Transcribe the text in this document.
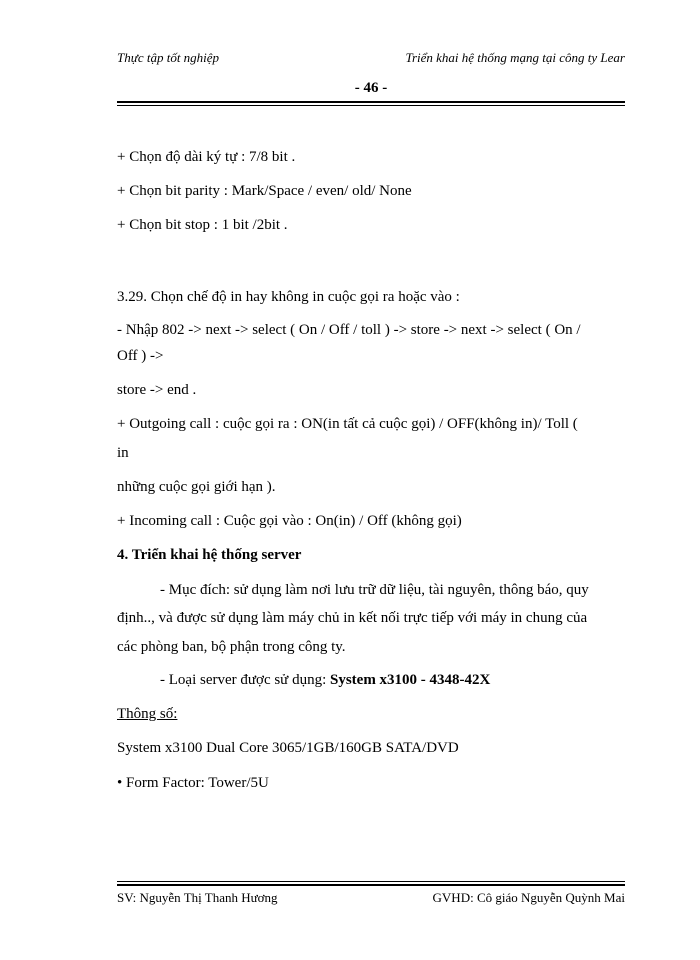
Thực tập tốt nghiệp	Triển khai hệ thống mạng tại công ty Lear
- 46 -
+ Chọn độ dài ký tự : 7/8 bit .
+ Chọn bit parity : Mark/Space / even/ old/ None
+ Chọn bit stop : 1 bit /2bit .
3.29. Chọn chế độ in hay không in cuộc gọi ra hoặc vào :
- Nhập 802 -> next -> select ( On / Off / toll ) -> store -> next -> select ( On /
Off ) ->
store -> end .
+ Outgoing call : cuộc gọi ra : ON(in tất cả cuộc gọi) / OFF(không in)/ Toll (
in
những cuộc gọi giới hạn ).
+ Incoming call : Cuộc gọi vào : On(in) / Off (không gọi)
4. Triển khai hệ thống server
- Mục đích: sử dụng làm nơi lưu trữ dữ liệu, tài nguyên, thông báo, quy
định.., và được sử dụng làm máy chủ in kết nối trực tiếp với máy in chung của
các phòng ban, bộ phận trong công ty.
- Loại server được sử dụng: System x3100 - 4348-42X
Thông số:
System x3100 Dual Core 3065/1GB/160GB SATA/DVD
• Form Factor: Tower/5U
SV: Nguyễn Thị Thanh Hương	GVHD: Cô giáo Nguyễn Quỳnh Mai
